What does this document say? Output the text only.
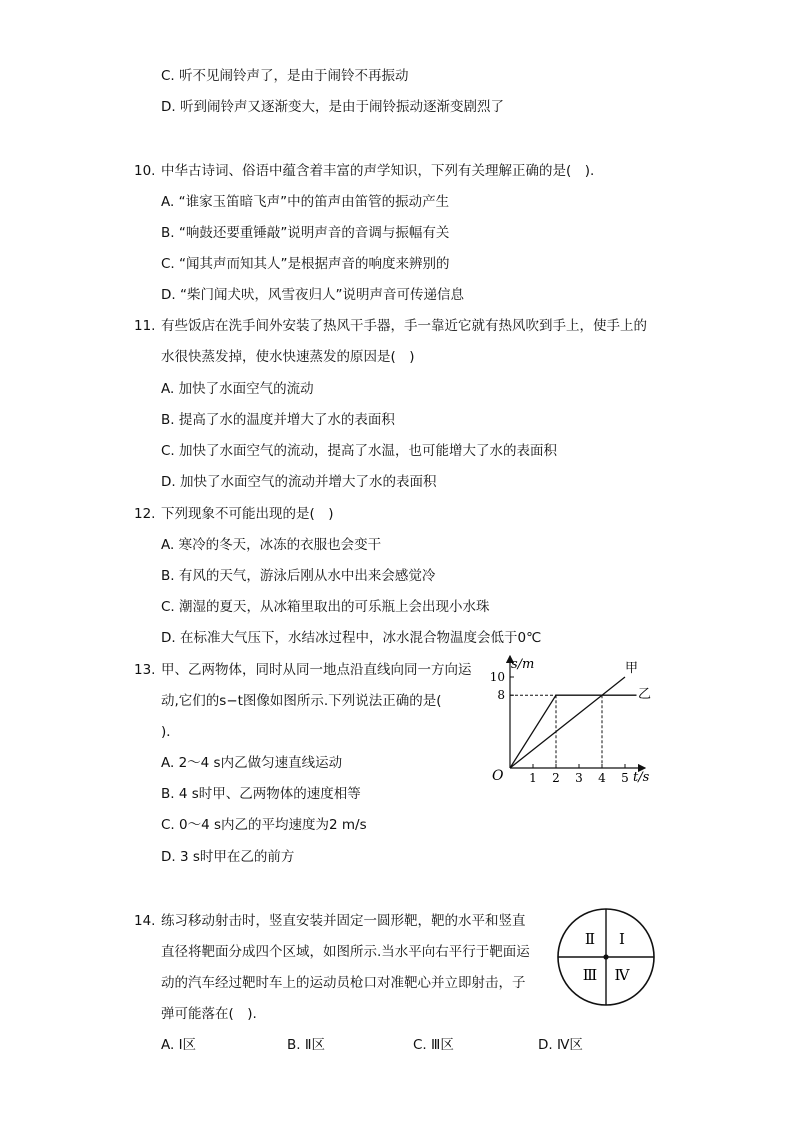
C. 听不见闹铃声了，是由于闹铃不再振动
D. 听到闹铃声又逐渐变大，是由于闹铃振动逐渐变剧烈了
10. 中华古诗词、俗语中蕴含着丰富的声学知识，下列有关理解正确的是(　).
A. “谁家玉笛暗飞声”中的笛声由笛管的振动产生
B. “响鼓还要重锤敲”说明声音的音调与振幅有关
C. “闻其声而知其人”是根据声音的响度来辨别的
D. “柴门闻犬吠，风雪夜归人”说明声音可传递信息
11. 有些饭店在洗手间外安装了热风干手器，手一靠近它就有热风吹到手上，使手上的
水很快蒸发掉，使水快速蒸发的原因是(　)
A. 加快了水面空气的流动
B. 提高了水的温度并增大了水的表面积
C. 加快了水面空气的流动，提高了水温，也可能增大了水的表面积
D. 加快了水面空气的流动并增大了水的表面积
12. 下列现象不可能出现的是(　)
A. 寒冷的冬天，冰冻的衣服也会变干
B. 有风的天气，游泳后刚从水中出来会感觉冷
C. 潮湿的夏天，从冰箱里取出的可乐瓶上会出现小水珠
D. 在标准大气压下，水结冰过程中，冰水混合物温度会低于0℃
13. 甲、乙两物体，同时从同一地点沿直线向同一方向运
动,它们的s−t图像如图所示.下列说法正确的是(
)．
A. 2～4 s内乙做匀速直线运动
B. 4 s时甲、乙两物体的速度相等
C. 0～4 s内乙的平均速度为2 m/s
D. 3 s时甲在乙的前方
1 2 3 4 5
8
10
s/m
t/s
O
甲
乙
14. 练习移动射击时，竖直安装并固定一圆形靶，靶的水平和竖直
直径将靶面分成四个区域，如图所示.当水平向右平行于靶面运
动的汽车经过靶时车上的运动员枪口对准靶心并立即射击，子
弹可能落在(　).
A. Ⅰ区	B. Ⅱ区	C. Ⅲ区	D. Ⅳ区
Ⅰ
Ⅱ
Ⅲ Ⅳ
